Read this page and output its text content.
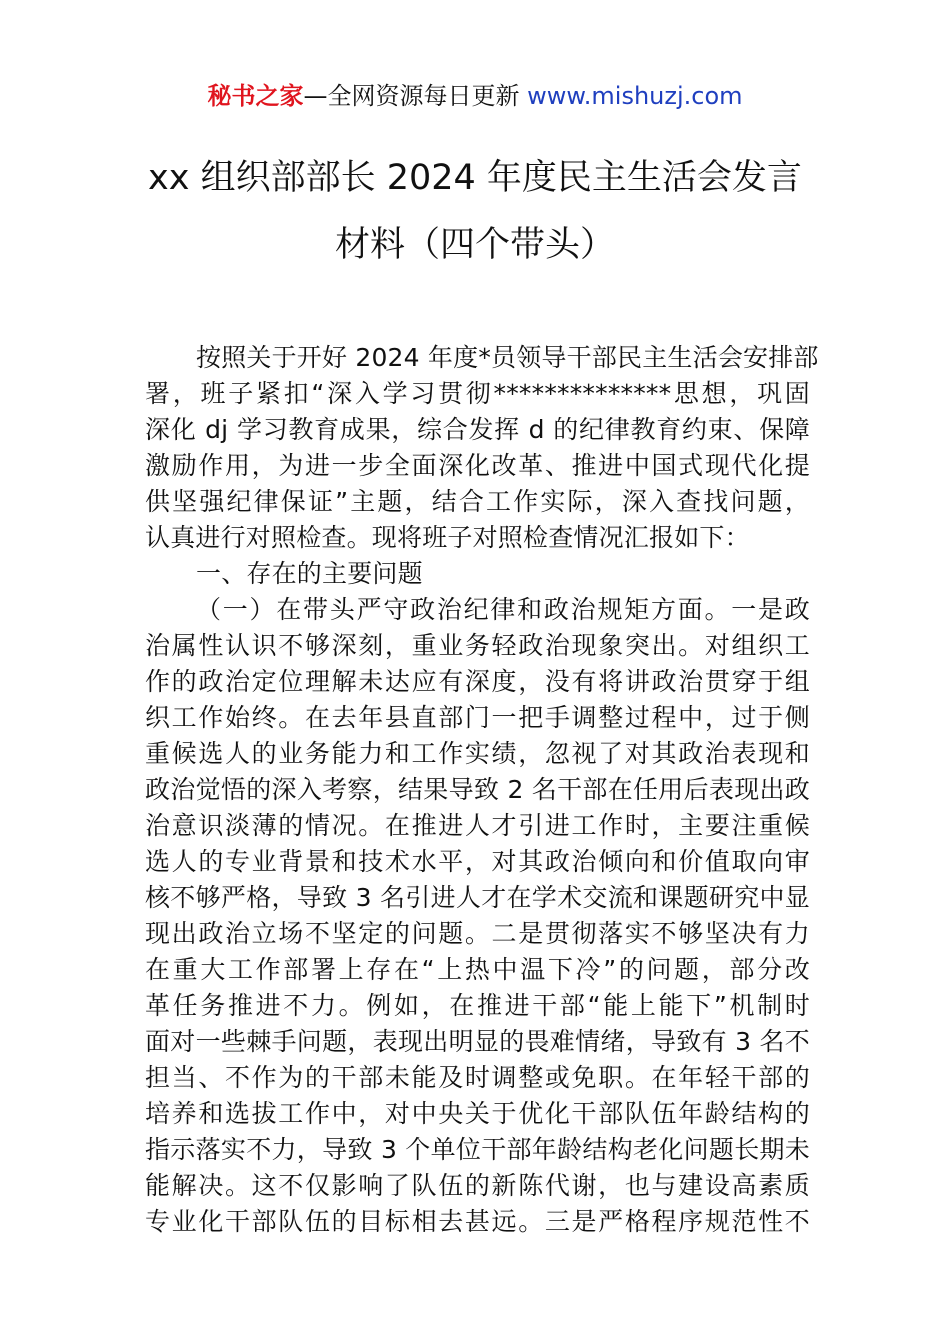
秘书之家—全网资源每日更新 www.mishuzj.com
xx 组织部部长 2024 年度民主生活会发言
材料（四个带头）
按照关于开好 2024 年度*员领导干部民主生活会安排部
署，班子紧扣“深入学习贯彻**************思想，巩固
深化 dj 学习教育成果，综合发挥 d 的纪律教育约束、保障
激励作用，为进一步全面深化改革、推进中国式现代化提
供坚强纪律保证”主题，结合工作实际，深入查找问题，
认真进行对照检查。现将班子对照检查情况汇报如下：
一、存在的主要问题
（一）在带头严守政治纪律和政治规矩方面。一是政
治属性认识不够深刻，重业务轻政治现象突出。对组织工
作的政治定位理解未达应有深度，没有将讲政治贯穿于组
织工作始终。在去年县直部门一把手调整过程中，过于侧
重候选人的业务能力和工作实绩，忽视了对其政治表现和
政治觉悟的深入考察，结果导致 2 名干部在任用后表现出政
治意识淡薄的情况。在推进人才引进工作时，主要注重候
选人的专业背景和技术水平，对其政治倾向和价值取向审
核不够严格，导致 3 名引进人才在学术交流和课题研究中显
现出政治立场不坚定的问题。二是贯彻落实不够坚决有力
在重大工作部署上存在“上热中温下冷”的问题，部分改
革任务推进不力。例如，在推进干部“能上能下”机制时
面对一些棘手问题，表现出明显的畏难情绪，导致有 3 名不
担当、不作为的干部未能及时调整或免职。在年轻干部的
培养和选拔工作中，对中央关于优化干部队伍年龄结构的
指示落实不力，导致 3 个单位干部年龄结构老化问题长期未
能解决。这不仅影响了队伍的新陈代谢，也与建设高素质
专业化干部队伍的目标相去甚远。三是严格程序规范性不
